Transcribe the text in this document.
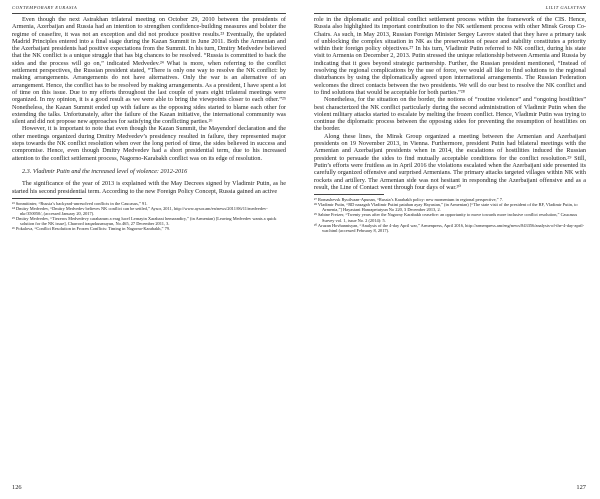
CONTEMPORARY EURASIA

Even though the next Astrakhan trilateral meeting on October 29, 2010 between the presidents of Armenia, Azerbaijan and Russia had an intention to strengthen confidence-building measures and bolster the regime of ceasefire, it was not an exception and did not produce positive results.²³ Eventually, the updated Madrid Principles entered into a final stage during the Kazan Summit in June 2011. Both the Armenian and the Azerbaijani presidents had positive expectations from the Summit. In his turn, Dmitry Medvedev believed that the NK conflict is a unique struggle that has big chances to be resolved. “Russia is committed to back the sides and the process will go on,” indicated Medvedev.²⁴ What is more, when referring to the conflict settlement perspectives, the Russian president stated, “There is only one way to resolve the NK conflict: by making arrangements. Arrangements do not have alternatives. Only the war is an alternative of an arrangement. Hence, the conflict has to be resolved by making arrangements. As a president, I have spent a lot of time on this issue. Due to my efforts throughout the last couple of years eight trilateral meetings were organized. In my opinion, it is a good result as we were able to bring the viewpoints closer to each other.”²⁵ Nonetheless, the Kazan Summit ended up with failure as the opposing sides started to blame each other for extending the talks. Unfortunately, after the failure of the Kazan initiative, the international community was silent and did not propose new approaches for satisfying the conflicting parties.²⁶

However, it is important to note that even though the Kazan Summit, the Mayendorf declaration and the other meetings organized during Dmitry Medvedev’s presidency resulted in failure, they represented major steps towards the NK conflict resolution when over the long period of time, the sides believed in success and compromise. Hence, even though Dmitry Medvedev had a short presidential term, due to his increased attention to the conflict settlement process, Nagorno-Karabakh conflict was on its edge of resolution.

2.3. Vladimir Putin and the increased level of violence: 2012-2016

The significance of the year of 2013 is explained with the May Decrees signed by Vladimir Putin, as he started his second presidential term. According to the new Foreign Policy Concept, Russia gained an active

²³ Sonmitinter, “Russia’s backyard-unresolved conflicts in the Caucasus,” 91.
²⁴ Dmitry Medvedev, “Dmitry Medvedev believes NK conflict can be settled,” Aysor, 2011, http://www.aysor.am/en/news/2011/06/11/medvedev-nkr/350050/, (accessed January 20, 2017).
²⁵ Dmitry Medvedev, “Tiezeros Medvedevy carabarum a erag lucel Lernayin Xarabaxi hemaxndiry,” (in Armenian) [Leaving Medvedev wants a quick solution for the NK issue], Charrord iraqarkusmuyun, No.465, 27 December 2011, 3.
²⁶ Pokalova, “Conflict Resolution in Frozen Conflicts: Timing in Nagorno-Karabakh,” 79.
126
LILIT GALSTYAN

role in the diplomatic and political conflict settlement process within the framework of the CIS. Hence, Russia also highlighted its important contribution to the NK settlement process with other Minsk Group Co-Chairs. As such, in May 2013, Russian Foreign Minister Sergey Lavrov stated that they have a primary task of unblocking the complex situation in NK as the preservation of peace and stability constitutes a priority within their foreign policy objectives.²⁷ In his turn, Vladimir Putin referred to NK conflict, during his state visit to Armenia on December 2, 2013. Putin stressed the unique relationship between Armenia and Russia by indicating that it goes beyond strategic partnership. Further, the Russian president mentioned, “Instead of resolving the regional complications by the use of force, we would all like to find solutions to the regional disturbances by using the diplomatically agreed upon international arrangements. The Russian Federation welcomes the direct contacts between the two presidents. We will do our best to resolve the NK conflict and to find solutions that would be acceptable for both parties.”²⁸

Nonetheless, for the situation on the border, the notions of “routine violence” and “ongoing hostilities” best characterized the NK conflict particularly during the second administration of Vladimir Putin when the violent military attacks started to escalate by melting the frozen conflict. Hence, Vladimir Putin was trying to continue the diplomatic process between the opposing sides for preventing the resumption of hostilities on the border.

Along these lines, the Minsk Group organized a meeting between the Armenian and Azerbaijani presidents on 19 November 2013, in Vienna. Furthermore, president Putin had bilateral meetings with the Armenian and Azerbaijani presidents when in 2014, the escalations of hostilities induced the Russian president to persuade the sides to find mutually acceptable conditions for the conflict resolution.²⁹ Still, Putin’s efforts were fruitless as in April 2016 the violations escalated when the Azerbaijani side presented its carefully organized offensive and surprised Armenians. The primary attacks targeted villages within NK with rockets and artillery. The Armenian side was not hesitant in responding the Azerbaijani offensive and as a result, the Line of Contact went through four days of war.³⁰

²⁷ Romashevsk Ryuilvaan-Apunan, “Russia’s Karabakh policy: new momentum in regional perspective,” 7.
²⁸ Vladimir Putin, “RD nazagah Vladimir Putini patahan ayay Hayastan,” (in Armenian) [“The state visit of the president of the RF, Vladimir Putin, to Armenia,”] Hayastani Hanrapetutyun No 220, 3 December 2013, 2.
²⁹ Sabine Freizer, “Twenty years after the Nagorny Karabakh ceasefire: an opportunity to move towards more inclusive conflict resolution,” Caucasus Survey vol. 1, issue No. 2 (2014): 5.
³⁰ Aruzan Hovhannisyan, “Analysis of the 4-day April war,” Armenpress, April 2016, http://armenpress.am/eng/news/843356/analysis-of-the-4-day-april-war.html (accessed February 8, 2017).
127
